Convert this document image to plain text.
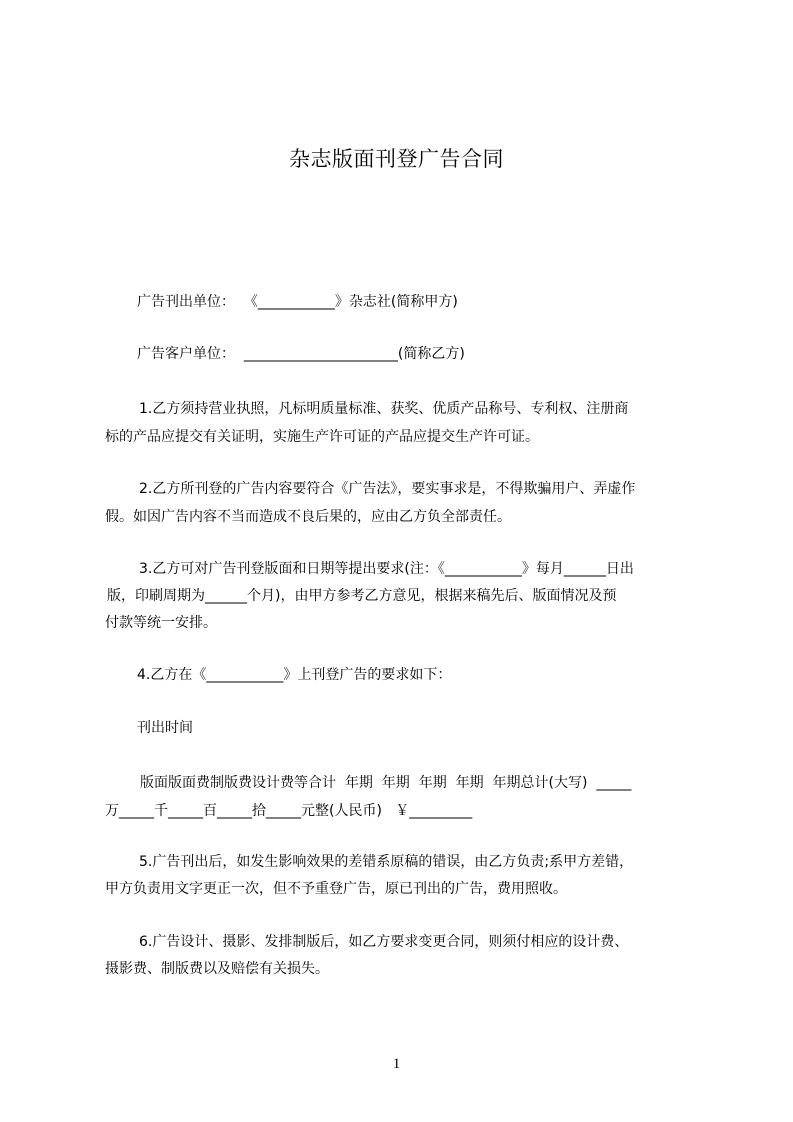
杂志版面刊登广告合同
广告刊出单位：  《___________》杂志社(简称甲方)
广告客户单位：  ______________________(简称乙方)
1.乙方须持营业执照，凡标明质量标准、获奖、优质产品称号、专利权、注册商
标的产品应提交有关证明，实施生产许可证的产品应提交生产许可证。
2.乙方所刊登的广告内容要符合《广告法》，要实事求是，不得欺骗用户、弄虚作
假。如因广告内容不当而造成不良后果的，应由乙方负全部责任。
3.乙方可对广告刊登版面和日期等提出要求(注：《___________》每月______日出
版，印刷周期为______个月)，由甲方参考乙方意见，根据来稿先后、版面情况及预
付款等统一安排。
4.乙方在《___________》上刊登广告的要求如下：
刊出时间
版面版面费制版费设计费等合计  年期  年期  年期  年期  年期总计(大写)  _____
万_____千_____百_____拾_____元整(人民币)   ￥_________
5.广告刊出后，如发生影响效果的差错系原稿的错误，由乙方负责;系甲方差错，
甲方负责用文字更正一次，但不予重登广告，原已刊出的广告，费用照收。
6.广告设计、摄影、发排制版后，如乙方要求变更合同，则须付相应的设计费、
摄影费、制版费以及赔偿有关损失。
1
